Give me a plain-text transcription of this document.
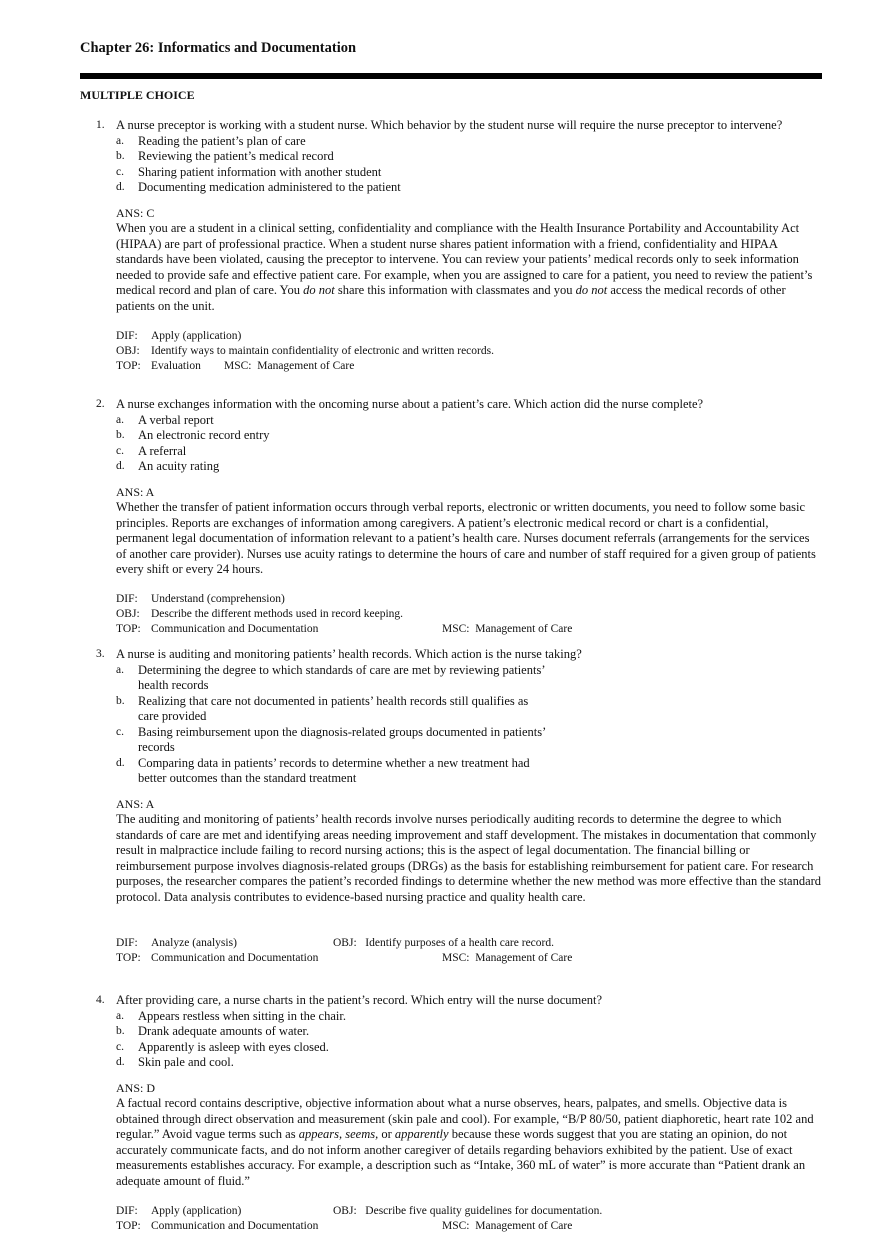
Chapter 26: Informatics and Documentation
MULTIPLE CHOICE
1. A nurse preceptor is working with a student nurse. Which behavior by the student nurse will require the nurse preceptor to intervene?
a. Reading the patient’s plan of care
b. Reviewing the patient’s medical record
c. Sharing patient information with another student
d. Documenting medication administered to the patient
ANS: C
When you are a student in a clinical setting, confidentiality and compliance with the Health Insurance Portability and Accountability Act (HIPAA) are part of professional practice. When a student nurse shares patient information with a friend, confidentiality and HIPAA standards have been violated, causing the preceptor to intervene. You can review your patients’ medical records only to seek information needed to provide safe and effective patient care. For example, when you are assigned to care for a patient, you need to review the patient’s medical record and plan of care. You do not share this information with classmates and you do not access the medical records of other patients on the unit.
DIF: Apply (application)
OBJ: Identify ways to maintain confidentiality of electronic and written records.
TOP: Evaluation MSC: Management of Care
2. A nurse exchanges information with the oncoming nurse about a patient’s care. Which action did the nurse complete?
a. A verbal report
b. An electronic record entry
c. A referral
d. An acuity rating
ANS: A
Whether the transfer of patient information occurs through verbal reports, electronic or written documents, you need to follow some basic principles. Reports are exchanges of information among caregivers. A patient’s electronic medical record or chart is a confidential, permanent legal documentation of information relevant to a patient’s health care. Nurses document referrals (arrangements for the services of another care provider). Nurses use acuity ratings to determine the hours of care and number of staff required for a given group of patients every shift or every 24 hours.
DIF: Understand (comprehension)
OBJ: Describe the different methods used in record keeping.
TOP: Communication and Documentation	MSC: Management of Care
3. A nurse is auditing and monitoring patients’ health records. Which action is the nurse taking?
a. Determining the degree to which standards of care are met by reviewing patients’
health records
b. Realizing that care not documented in patients’ health records still qualifies as
care provided
c. Basing reimbursement upon the diagnosis-related groups documented in patients’
records
d. Comparing data in patients’ records to determine whether a new treatment had
better outcomes than the standard treatment
ANS: A
The auditing and monitoring of patients’ health records involve nurses periodically auditing records to determine the degree to which standards of care are met and identifying areas needing improvement and staff development. The mistakes in documentation that commonly result in malpractice include failing to record nursing actions; this is the aspect of legal documentation. The financial billing or reimbursement purpose involves diagnosis-related groups (DRGs) as the basis for establishing reimbursement for patient care. For research purposes, the researcher compares the patient’s recorded findings to determine whether the new method was more effective than the standard protocol. Data analysis contributes to evidence-based nursing practice and quality health care.
DIF: Analyze (analysis)	OBJ: Identify purposes of a health care record.
TOP: Communication and Documentation	MSC: Management of Care
4. After providing care, a nurse charts in the patient’s record. Which entry will the nurse document?
a. Appears restless when sitting in the chair.
b. Drank adequate amounts of water.
c. Apparently is asleep with eyes closed.
d. Skin pale and cool.
ANS: D
A factual record contains descriptive, objective information about what a nurse observes, hears, palpates, and smells. Objective data is obtained through direct observation and measurement (skin pale and cool). For example, “B/P 80/50, patient diaphoretic, heart rate 102 and regular.” Avoid vague terms such as appears, seems, or apparently because these words suggest that you are stating an opinion, do not accurately communicate facts, and do not inform another caregiver of details regarding behaviors exhibited by the patient. Use of exact measurements establishes accuracy. For example, a description such as “Intake, 360 mL of water” is more accurate than “Patient drank an adequate amount of fluid.”
DIF: Apply (application)	OBJ: Describe five quality guidelines for documentation.
TOP: Communication and Documentation	MSC: Management of Care
